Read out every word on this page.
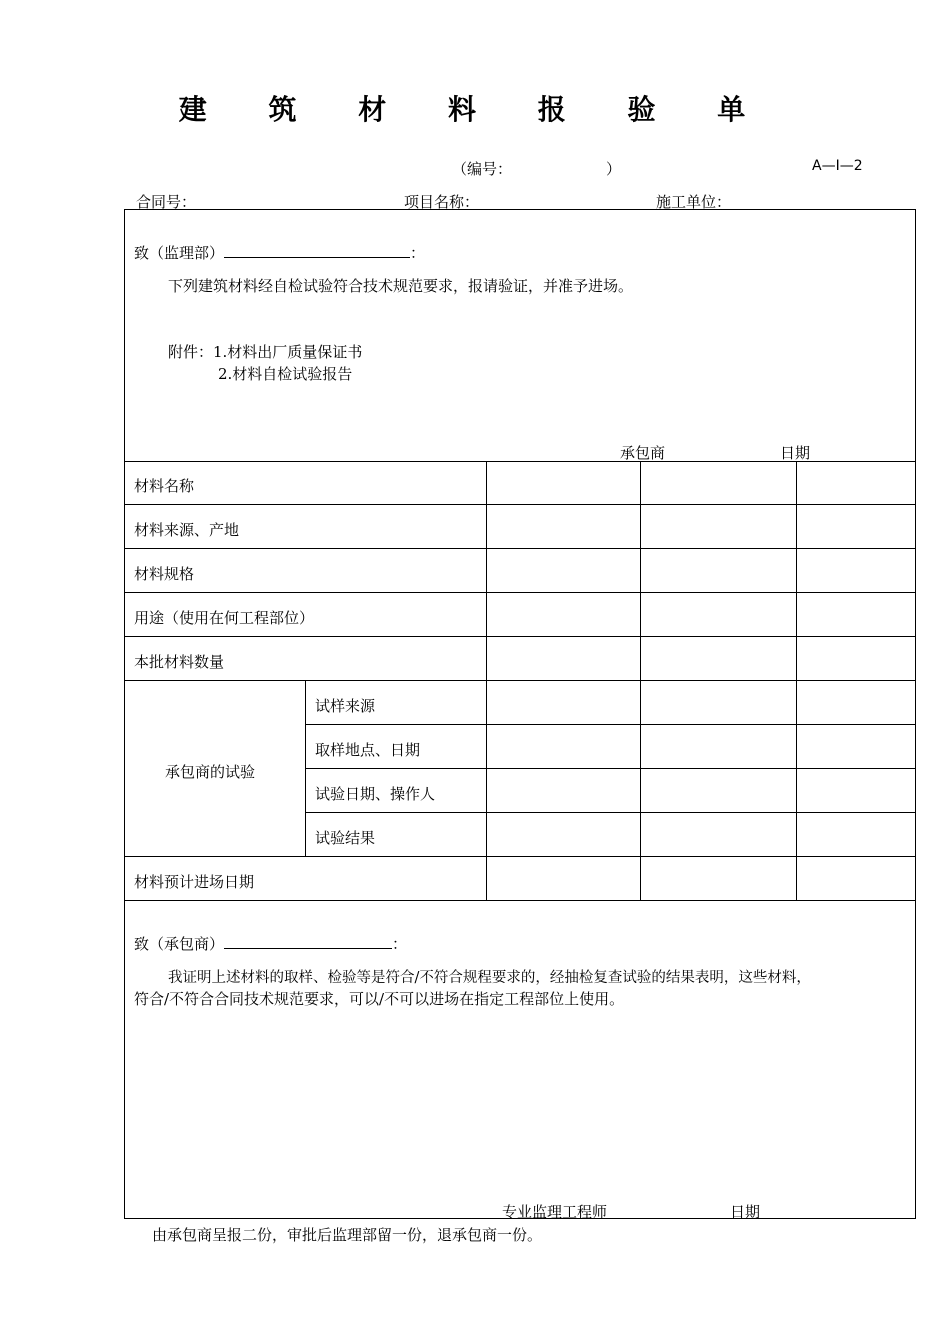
建 筑 材 料 报 验 单
（编号：	）	A—Ⅰ—2
合同号：	项目名称：	施工单位：
致（监理部）	：
下列建筑材料经自检试验符合技术规范要求，报请验证，并准予进场。
附件：1.材料出厂质量保证书
2.材料自检试验报告
承包商	日期
材料名称
材料来源、产地
材料规格
用途（使用在何工程部位）
本批材料数量
承包商的试验
试样来源
取样地点、日期
试验日期、操作人
试验结果
材料预计进场日期
致（承包商）	：
我证明上述材料的取样、检验等是符合/不符合规程要求的，经抽检复查试验的结果表明，这些材料，
符合/不符合合同技术规范要求，可以/不可以进场在指定工程部位上使用。
专业监理工程师	日期
由承包商呈报二份，审批后监理部留一份，退承包商一份。
